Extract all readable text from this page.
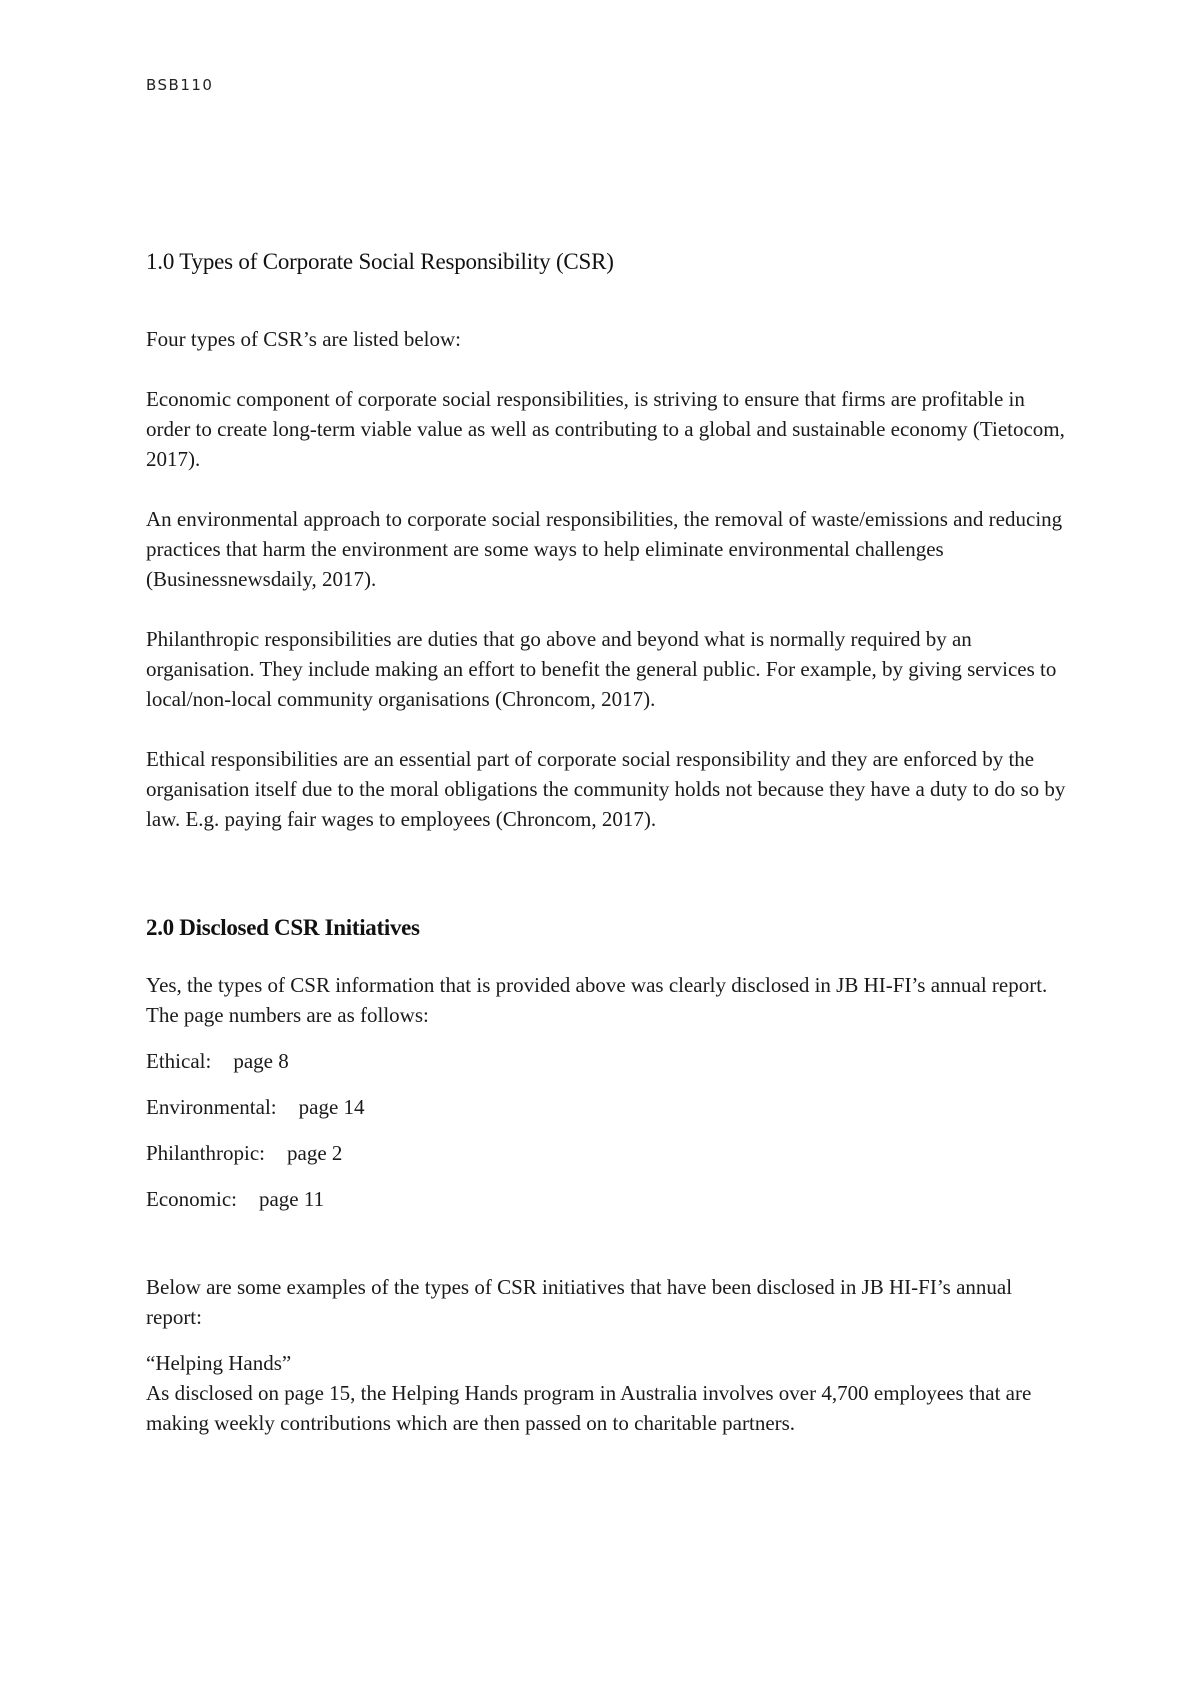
BSB110
1.0 Types of Corporate Social Responsibility (CSR)

Four types of CSR’s are listed below:

Economic component of corporate social responsibilities, is striving to ensure that firms are profitable in order to create long-term viable value as well as contributing to a global and sustainable economy (Tietocom, 2017).

An environmental approach to corporate social responsibilities, the removal of waste/emissions and reducing practices that harm the environment are some ways to help eliminate environmental challenges (Businessnewsdaily, 2017).

Philanthropic responsibilities are duties that go above and beyond what is normally required by an organisation. They include making an effort to benefit the general public. For example, by giving services to local/non-local community organisations (Chroncom, 2017).

Ethical responsibilities are an essential part of corporate social responsibility and they are enforced by the organisation itself due to the moral obligations the community holds not because they have a duty to do so by law. E.g. paying fair wages to employees (Chroncom, 2017).

2.0 Disclosed CSR Initiatives

Yes, the types of CSR information that is provided above was clearly disclosed in JB HI-FI’s annual report. The page numbers are as follows:

Ethical: page 8

Environmental: page 14

Philanthropic: page 2

Economic: page 11

Below are some examples of the types of CSR initiatives that have been disclosed in JB HI-FI’s annual report:

“Helping Hands”

As disclosed on page 15, the Helping Hands program in Australia involves over 4,700 employees that are making weekly contributions which are then passed on to charitable partners.
